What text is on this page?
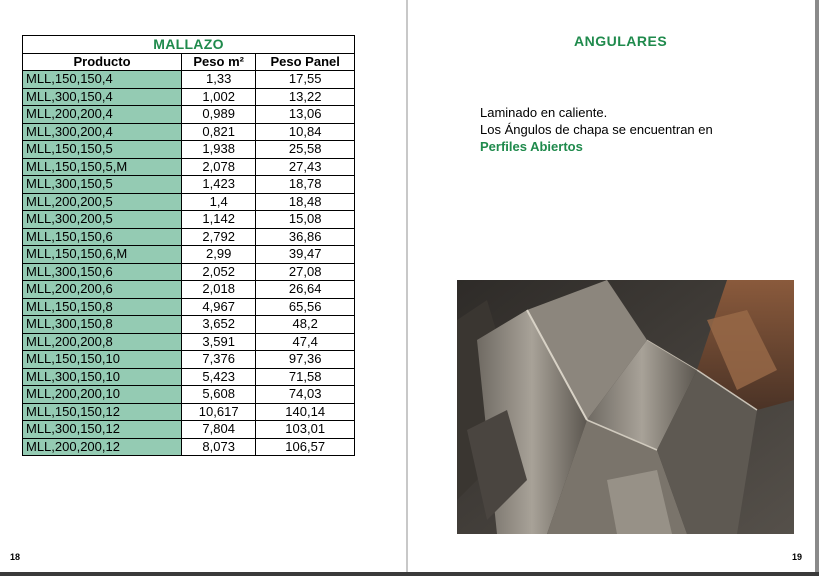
MALLAZO		
Producto	Peso m²	Peso Panel
MLL,150,150,4	1,33	17,55
MLL,300,150,4	1,002	13,22
MLL,200,200,4	0,989	13,06
MLL,300,200,4	0,821	10,84
MLL,150,150,5	1,938	25,58
MLL,150,150,5,M	2,078	27,43
MLL,300,150,5	1,423	18,78
MLL,200,200,5	1,4	18,48
MLL,300,200,5	1,142	15,08
MLL,150,150,6	2,792	36,86
MLL,150,150,6,M	2,99	39,47
MLL,300,150,6	2,052	27,08
MLL,200,200,6	2,018	26,64
MLL,150,150,8	4,967	65,56
MLL,300,150,8	3,652	48,2
MLL,200,200,8	3,591	47,4
MLL,150,150,10	7,376	97,36
MLL,300,150,10	5,423	71,58
MLL,200,200,10	5,608	74,03
MLL,150,150,12	10,617	140,14
MLL,300,150,12	7,804	103,01
MLL,200,200,12	8,073	106,57
18
ANGULARES
Laminado en caliente.
Los Ángulos de chapa se encuentran en
Perfiles Abiertos
19
